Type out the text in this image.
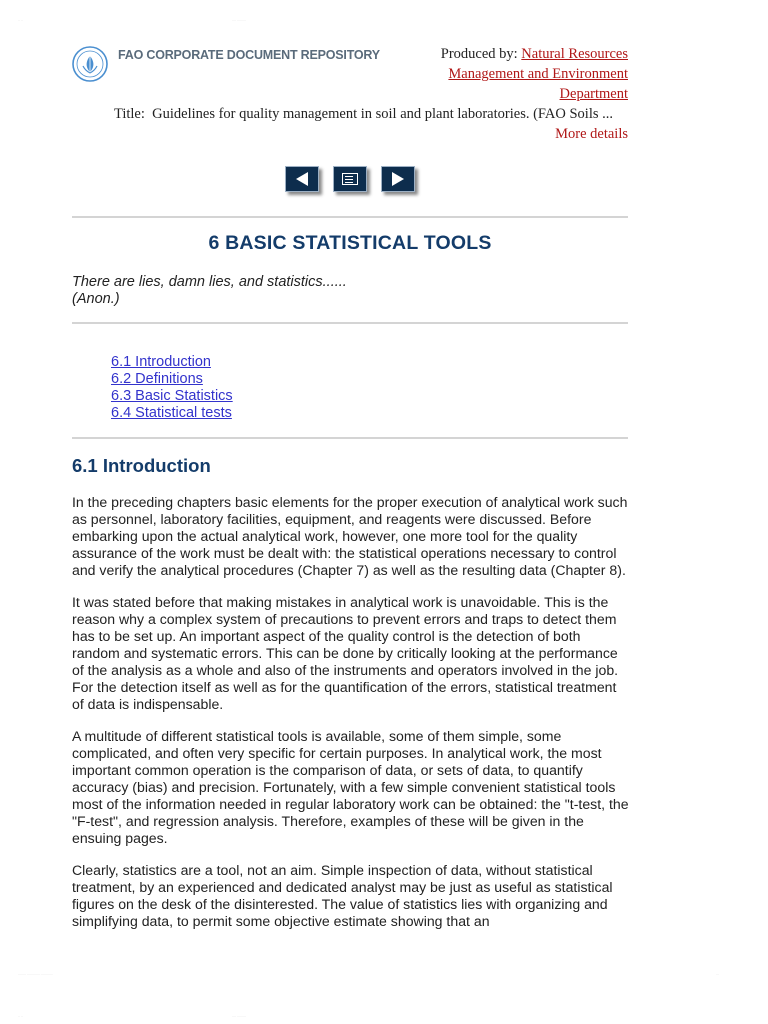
·· ··	···· ·········
FAO CORPORATE DOCUMENT REPOSITORY	Produced by: Natural Resources Management and Environment Department
Title: Guidelines for quality management in soil and plant laboratories. (FAO Soils ...
More details
6 BASIC STATISTICAL TOOLS
There are lies, damn lies, and statistics......
(Anon.)
6.1 Introduction
6.2 Definitions
6.3 Basic Statistics
6.4 Statistical tests
6.1 Introduction

In the preceding chapters basic elements for the proper execution of analytical work such as personnel, laboratory facilities, equipment, and reagents were discussed. Before embarking upon the actual analytical work, however, one more tool for the quality assurance of the work must be dealt with: the statistical operations necessary to control and verify the analytical procedures (Chapter 7) as well as the resulting data (Chapter 8).

It was stated before that making mistakes in analytical work is unavoidable. This is the reason why a complex system of precautions to prevent errors and traps to detect them has to be set up. An important aspect of the quality control is the detection of both random and systematic errors. This can be done by critically looking at the performance of the analysis as a whole and also of the instruments and operators involved in the job. For the detection itself as well as for the quantification of the errors, statistical treatment of data is indispensable.

A multitude of different statistical tools is available, some of them simple, some complicated, and often very specific for certain purposes. In analytical work, the most important common operation is the comparison of data, or sets of data, to quantify accuracy (bias) and precision. Fortunately, with a few simple convenient statistical tools most of the information needed in regular laboratory work can be obtained: the "t-test, the "F-test", and regression analysis. Therefore, examples of these will be given in the ensuing pages.

Clearly, statistics are a tool, not an aim. Simple inspection of data, without statistical treatment, by an experienced and dedicated analyst may be just as useful as statistical figures on the desk of the disinterested. The value of statistics lies with organizing and simplifying data, to permit some objective estimate showing that an

········ ············· ············	···
·· ··	···· ·········
